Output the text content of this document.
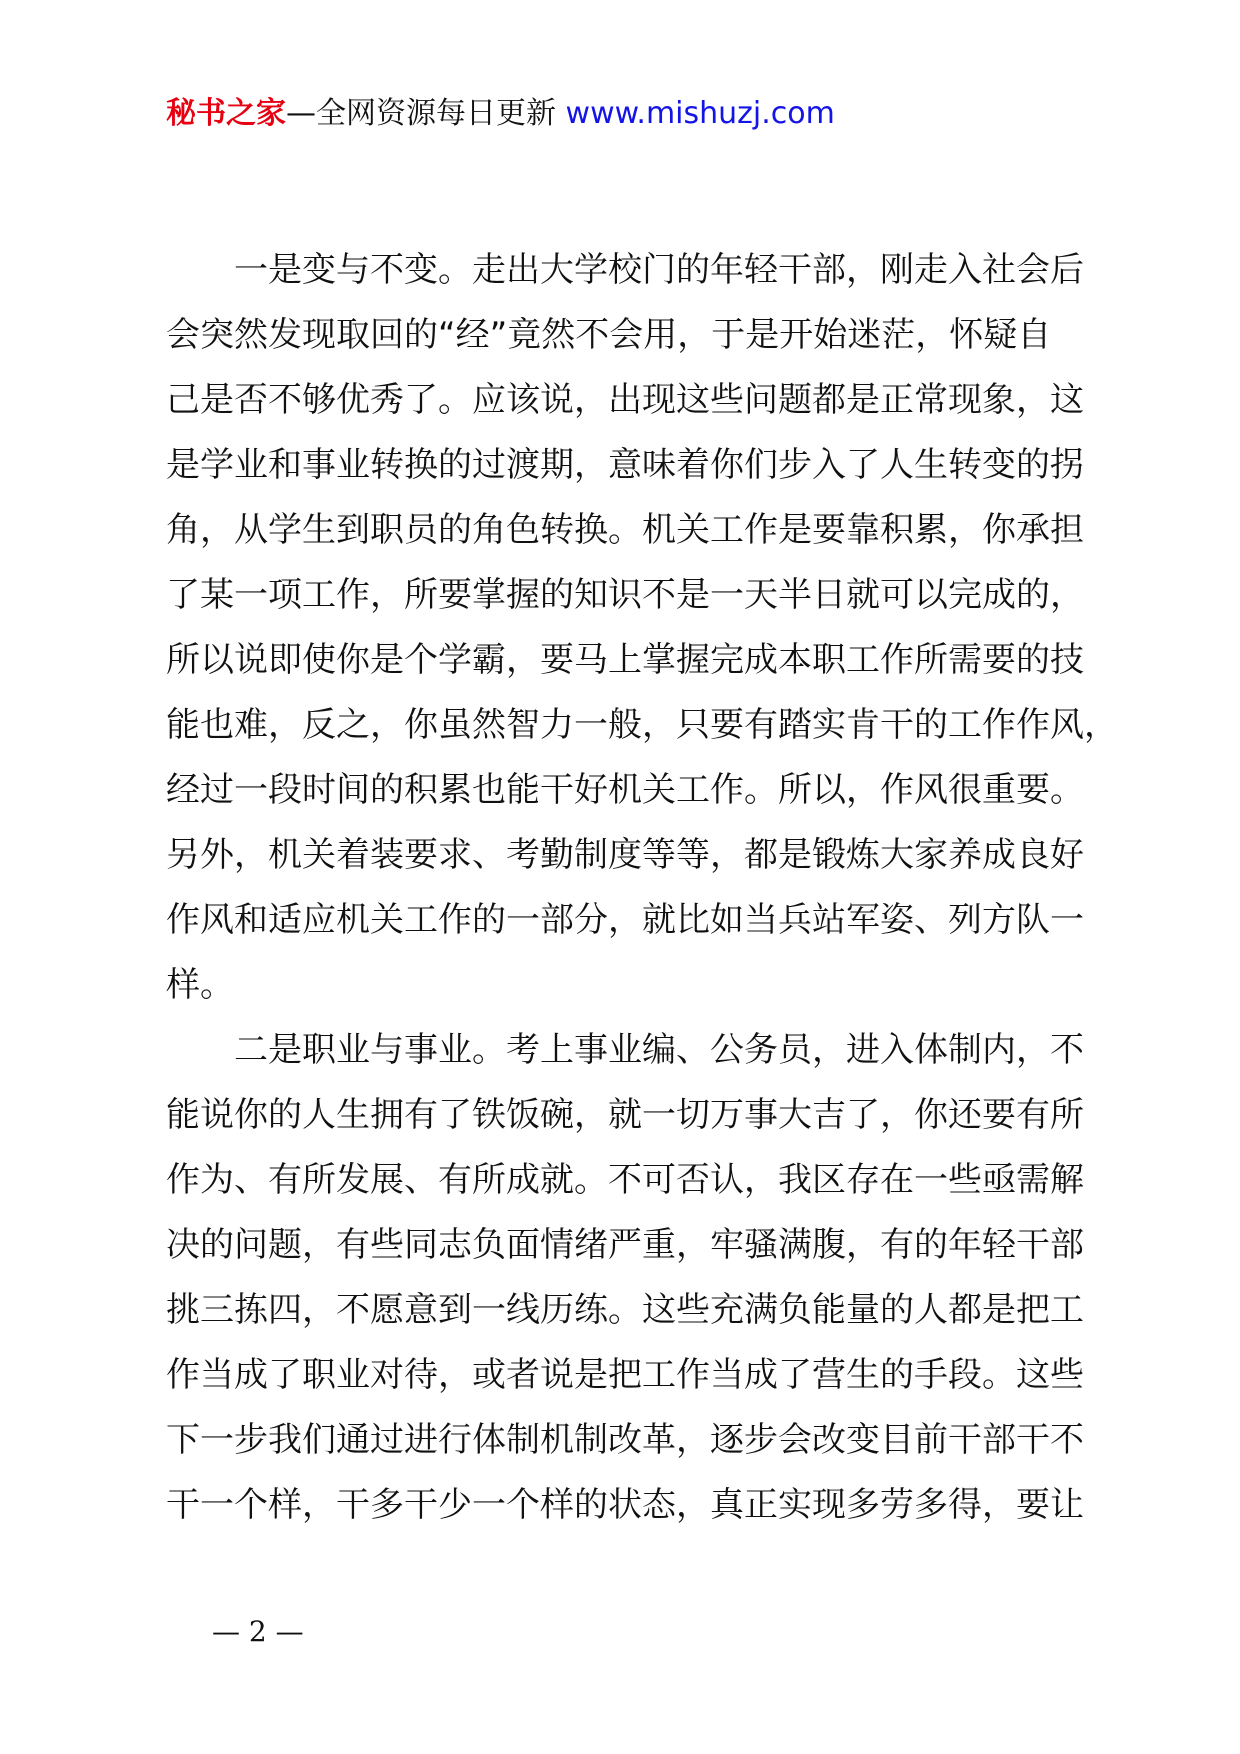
秘书之家—全网资源每日更新 www.mishuzj.com
一是变与不变。走出大学校门的年轻干部，刚走入社会后
会突然发现取回的“经”竟然不会用，于是开始迷茫，怀疑自
己是否不够优秀了。应该说，出现这些问题都是正常现象，这
是学业和事业转换的过渡期，意味着你们步入了人生转变的拐
角，从学生到职员的角色转换。机关工作是要靠积累，你承担
了某一项工作，所要掌握的知识不是一天半日就可以完成的，
所以说即使你是个学霸，要马上掌握完成本职工作所需要的技
能也难，反之，你虽然智力一般，只要有踏实肯干的工作作风，
经过一段时间的积累也能干好机关工作。所以，作风很重要。
另外，机关着装要求、考勤制度等等，都是锻炼大家养成良好
作风和适应机关工作的一部分，就比如当兵站军姿、列方队一
样。
二是职业与事业。考上事业编、公务员，进入体制内，不
能说你的人生拥有了铁饭碗，就一切万事大吉了，你还要有所
作为、有所发展、有所成就。不可否认，我区存在一些亟需解
决的问题，有些同志负面情绪严重，牢骚满腹，有的年轻干部
挑三拣四，不愿意到一线历练。这些充满负能量的人都是把工
作当成了职业对待，或者说是把工作当成了营生的手段。这些
下一步我们通过进行体制机制改革，逐步会改变目前干部干不
干一个样，干多干少一个样的状态，真正实现多劳多得，要让
— 2 —
